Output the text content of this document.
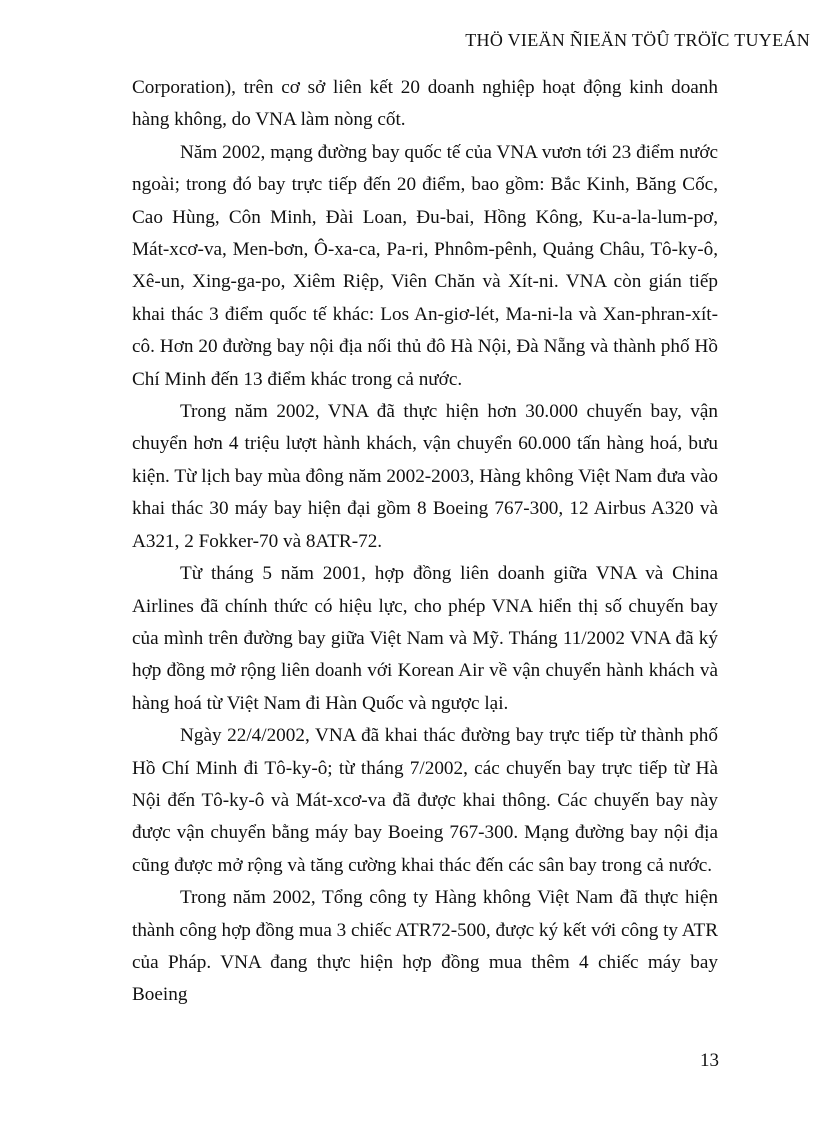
THÖ VIEÄN ÑIEÄN TÖÛ TRÖÏC TUYEÁN

Corporation), trên cơ sở liên kết 20 doanh nghiệp hoạt động kinh doanh hàng không, do VNA làm nòng cốt.

Năm 2002, mạng đường bay quốc tế của VNA vươn tới 23 điểm nước ngoài; trong đó bay trực tiếp đến 20 điểm, bao gồm: Bắc Kinh, Băng Cốc, Cao Hùng, Côn Minh, Đài Loan, Đu-bai, Hồng Kông, Ku-a-la-lum-pơ, Mát-xcơ-va, Men-bơn, Ô-xa-ca, Pa-ri, Phnôm-pênh, Quảng Châu, Tô-ky-ô, Xê-un, Xing-ga-po, Xiêm Riệp, Viên Chăn và Xít-ni. VNA còn gián tiếp khai thác 3 điểm quốc tế khác: Los An-giơ-lét, Ma-ni-la và Xan-phran-xít-cô. Hơn 20 đường bay nội địa nối thủ đô Hà Nội, Đà Nẵng và thành phố Hồ Chí Minh đến 13 điểm khác trong cả nước.

Trong năm 2002, VNA đã thực hiện hơn 30.000 chuyến bay, vận chuyển hơn 4 triệu lượt hành khách, vận chuyển 60.000 tấn hàng hoá, bưu kiện. Từ lịch bay mùa đông năm 2002-2003, Hàng không Việt Nam đưa vào khai thác 30 máy bay hiện đại gồm 8 Boeing 767-300, 12 Airbus A320 và A321, 2 Fokker-70 và 8ATR-72.

Từ tháng 5 năm 2001, hợp đồng liên doanh giữa VNA và China Airlines đã chính thức có hiệu lực, cho phép VNA hiển thị số chuyến bay của mình trên đường bay giữa Việt Nam và Mỹ. Tháng 11/2002 VNA đã ký hợp đồng mở rộng liên doanh với Korean Air về vận chuyển hành khách và hàng hoá từ Việt Nam đi Hàn Quốc và ngược lại.

Ngày 22/4/2002, VNA đã khai thác đường bay trực tiếp từ thành phố Hồ Chí Minh đi Tô-ky-ô; từ tháng 7/2002, các chuyến bay trực tiếp từ Hà Nội đến Tô-ky-ô và Mát-xcơ-va đã được khai thông. Các chuyến bay này được vận chuyển bằng máy bay Boeing 767-300. Mạng đường bay nội địa cũng được mở rộng và tăng cường khai thác đến các sân bay trong cả nước.

Trong năm 2002, Tổng công ty Hàng không Việt Nam đã thực hiện thành công hợp đồng mua 3 chiếc ATR72-500, được ký kết với công ty ATR của Pháp. VNA đang thực hiện hợp đồng mua thêm 4 chiếc máy bay Boeing

13
